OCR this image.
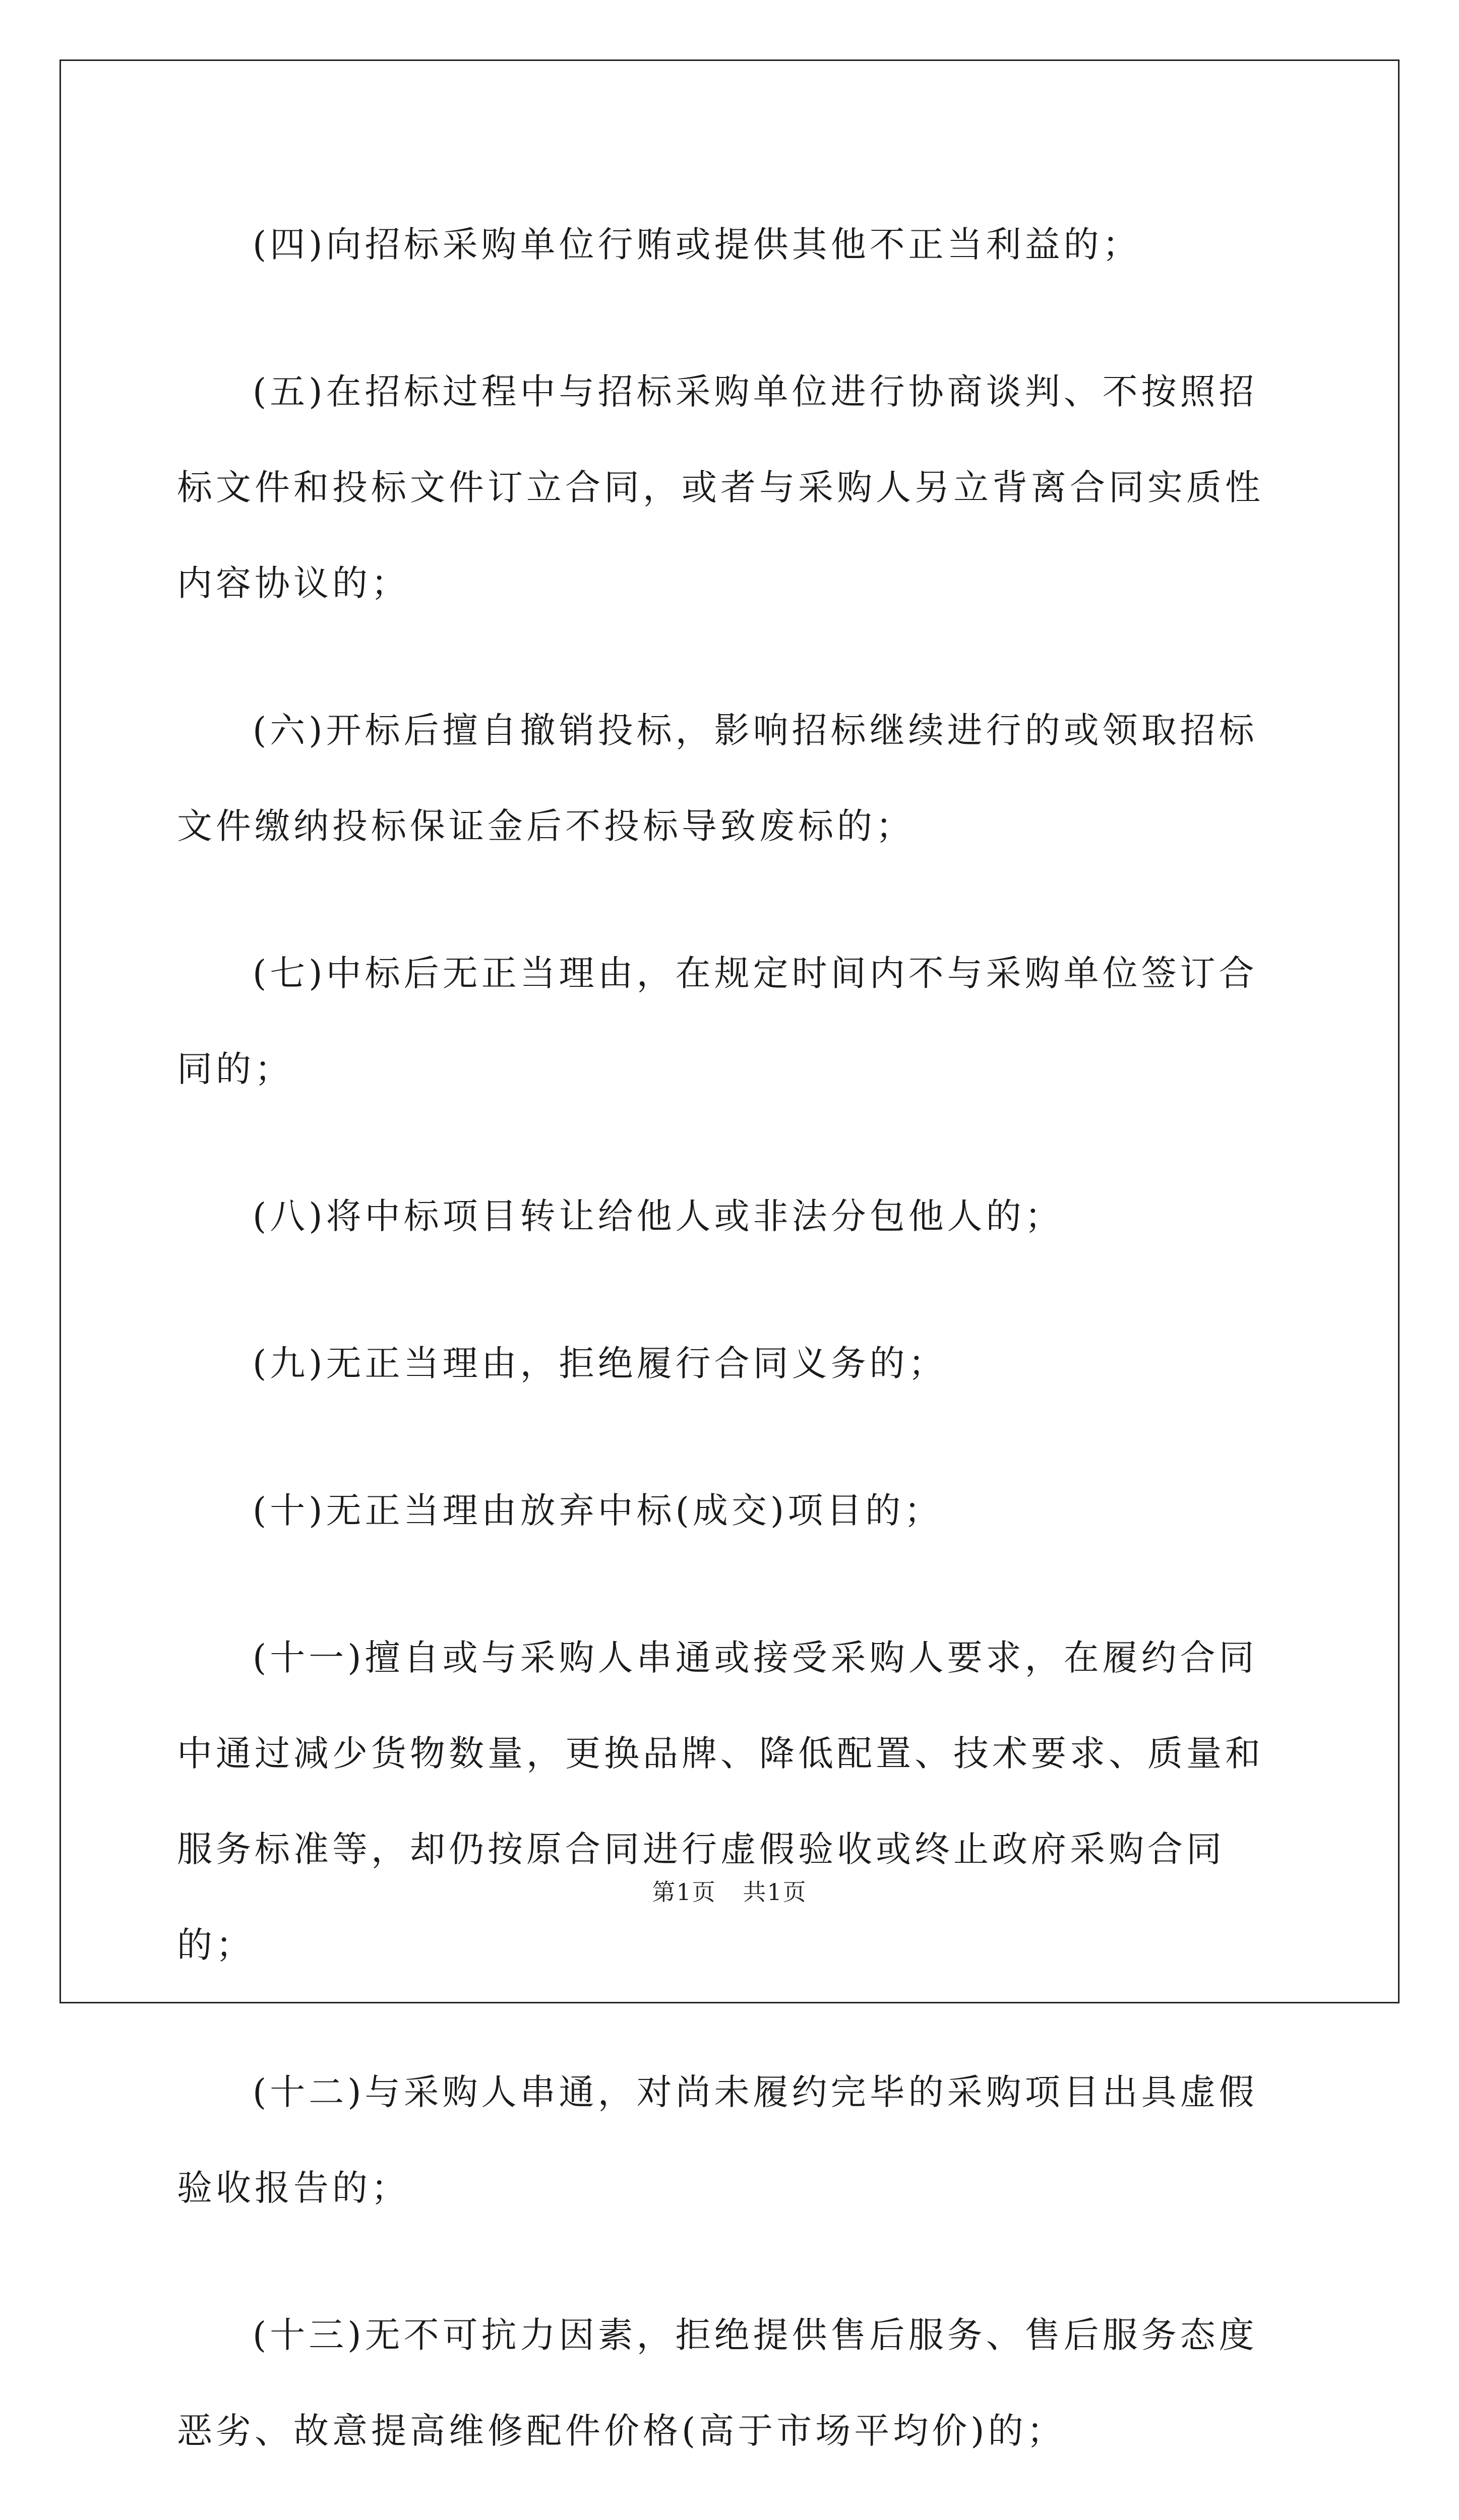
(四)向招标采购单位行贿或提供其他不正当利益的；

(五)在招标过程中与招标采购单位进行协商谈判、不按照招标文件和投标文件订立合同，或者与采购人另立背离合同实质性内容协议的；

(六)开标后擅自撤销投标，影响招标继续进行的或领取招标文件缴纳投标保证金后不投标导致废标的；

(七)中标后无正当理由，在规定时间内不与采购单位签订合同的；

(八)将中标项目转让给他人或非法分包他人的；

(九)无正当理由，拒绝履行合同义务的；

(十)无正当理由放弃中标(成交)项目的；

(十一)擅自或与采购人串通或接受采购人要求，在履约合同中通过减少货物数量，更换品牌、降低配置、技术要求、质量和服务标准等，却仍按原合同进行虚假验收或终止政府采购合同的；

(十二)与采购人串通，对尚未履约完毕的采购项目出具虚假验收报告的；

(十三)无不可抗力因素，拒绝提供售后服务、售后服务态度恶劣、故意提高维修配件价格(高于市场平均价)的；

第1页 共1页
